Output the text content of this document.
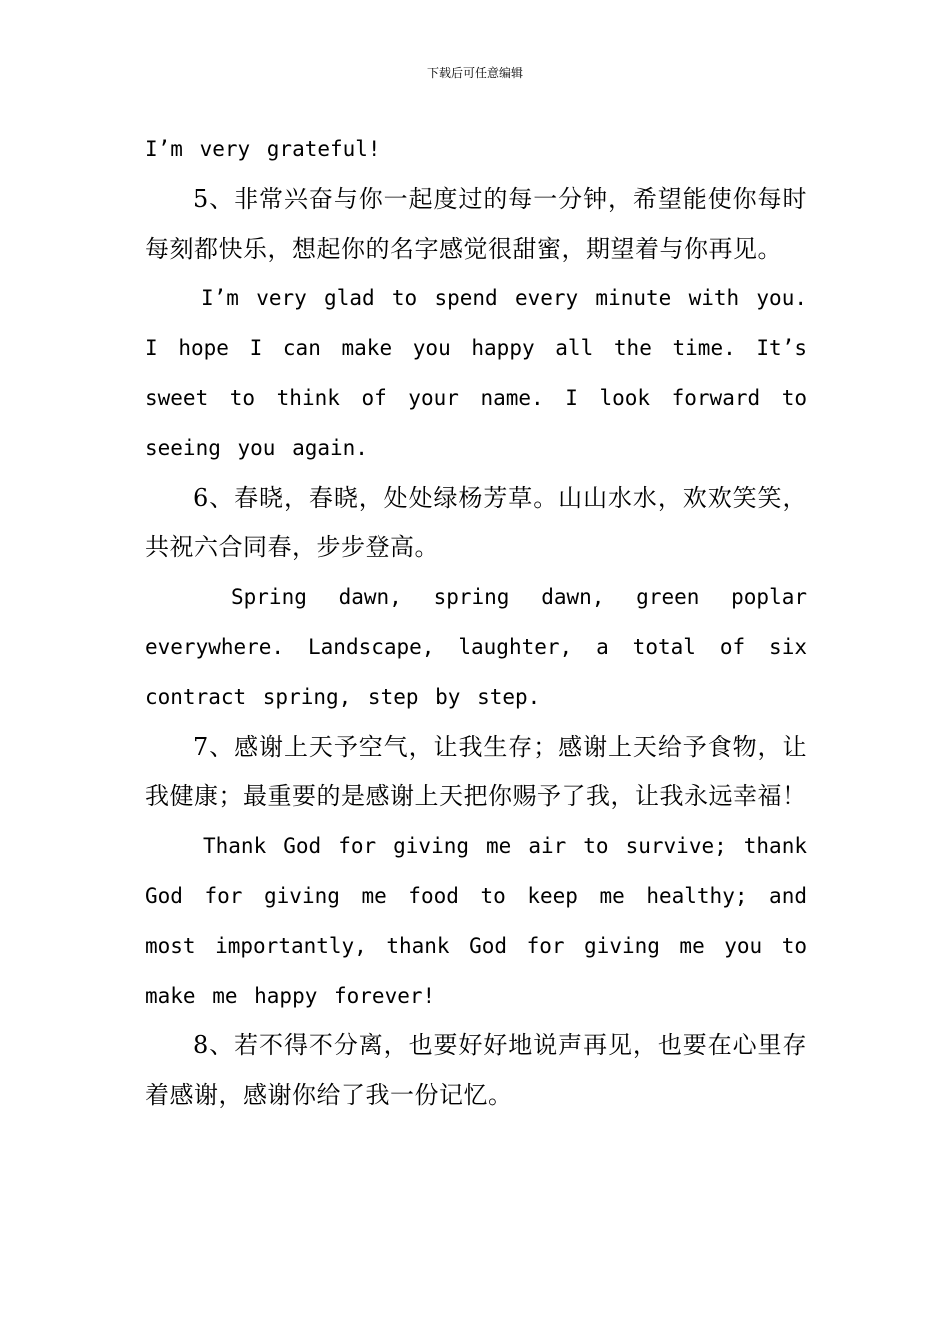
下载后可任意编辑

I’m very grateful!

5、非常兴奋与你一起度过的每一分钟，希望能使你每时每刻都快乐，想起你的名字感觉很甜蜜，期望着与你再见。

I’m very glad to spend every minute with you. I hope I can make you happy all the time. It’s sweet to think of your name. I look forward to seeing you again.

6、春晓，春晓，处处绿杨芳草。山山水水，欢欢笑笑，共祝六合同春，步步登高。

Spring dawn, spring dawn, green poplar everywhere. Landscape, laughter, a total of six contract spring, step by step.

7、感谢上天予空气，让我生存；感谢上天给予食物，让我健康；最重要的是感谢上天把你赐予了我，让我永远幸福！

Thank God for giving me air to survive; thank God for giving me food to keep me healthy; and most importantly, thank God for giving me you to make me happy forever!

8、若不得不分离，也要好好地说声再见，也要在心里存着感谢，感谢你给了我一份记忆。
